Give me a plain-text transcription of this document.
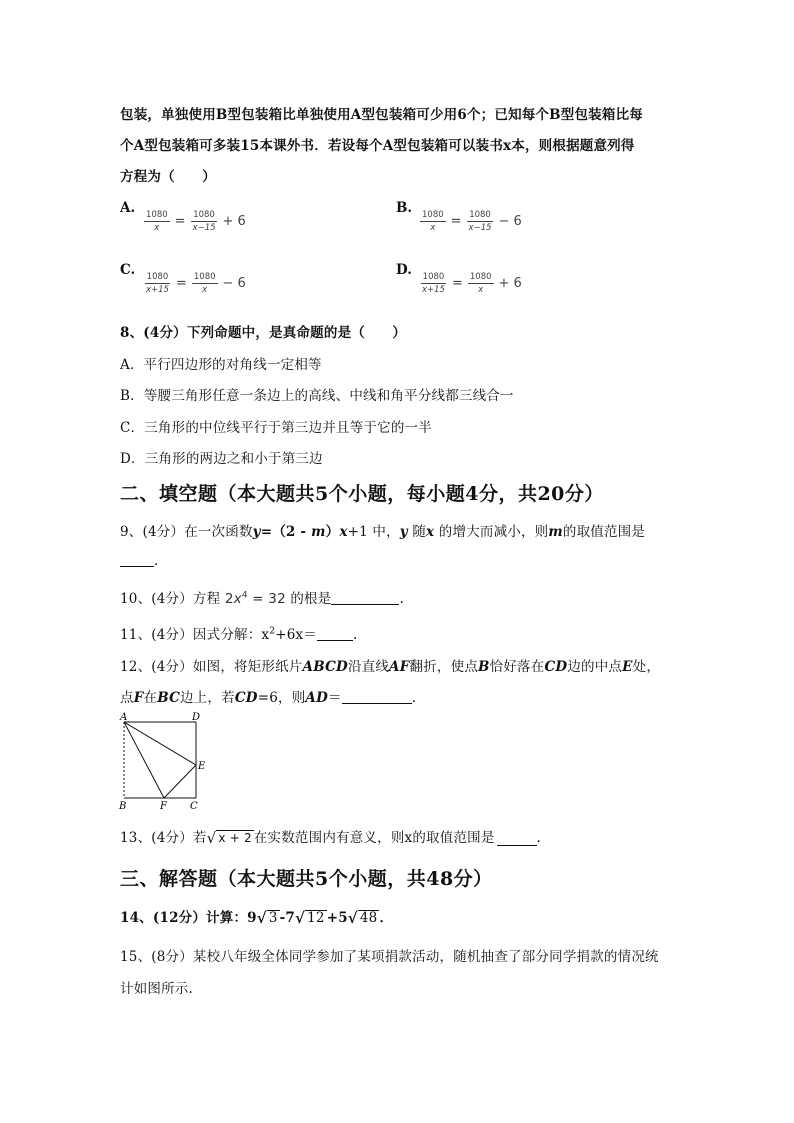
包装，单独使用B型包装箱比单独使用A型包装箱可少用6个；已知每个B型包装箱比每
个A型包装箱可多装15本课外书．若设每个A型包装箱可以装书x本，则根据题意列得
方程为（　　）
A.
$\frac{1080}{x} = \frac{1080}{x-15} + 6$
B.
$\frac{1080}{x} = \frac{1080}{x-15} - 6$
C.
$\frac{1080}{x+15} = \frac{1080}{x} - 6$
D.
$\frac{1080}{x+15} = \frac{1080}{x} + 6$
8、(4分）下列命题中，是真命题的是（　　）
A．平行四边形的对角线一定相等
B．等腰三角形任意一条边上的高线、中线和角平分线都三线合一
C．三角形的中位线平行于第三边并且等于它的一半
D．三角形的两边之和小于第三边
二、填空题（本大题共5个小题，每小题4分，共20分）
9、(4分）在一次函数y=（2 - m）x+1 中，y 随x 的增大而减小，则m的取值范围是
.
10、(4分）方程 $2x^4 = 32$ 的根是	.
11、(4分）因式分解：$x^2+6x=$	.
12、(4分）如图，将矩形纸片ABCD沿直线AF翻折，使点B恰好落在CD边的中点E处，
点F在BC边上，若CD=6，则AD＝	.
A	D
E
B	F C
13、(4分）若 √ x + 2 在实数范围内有意义，则x的取值范围是	.
三、解答题（本大题共5个小题，共48分）
14、(12分）计算： 9 √ 3 -7 √ 12 +5 √ 48 ．
15、(8分）某校八年级全体同学参加了某项捐款活动，随机抽查了部分同学捐款的情况统
计如图所示.
